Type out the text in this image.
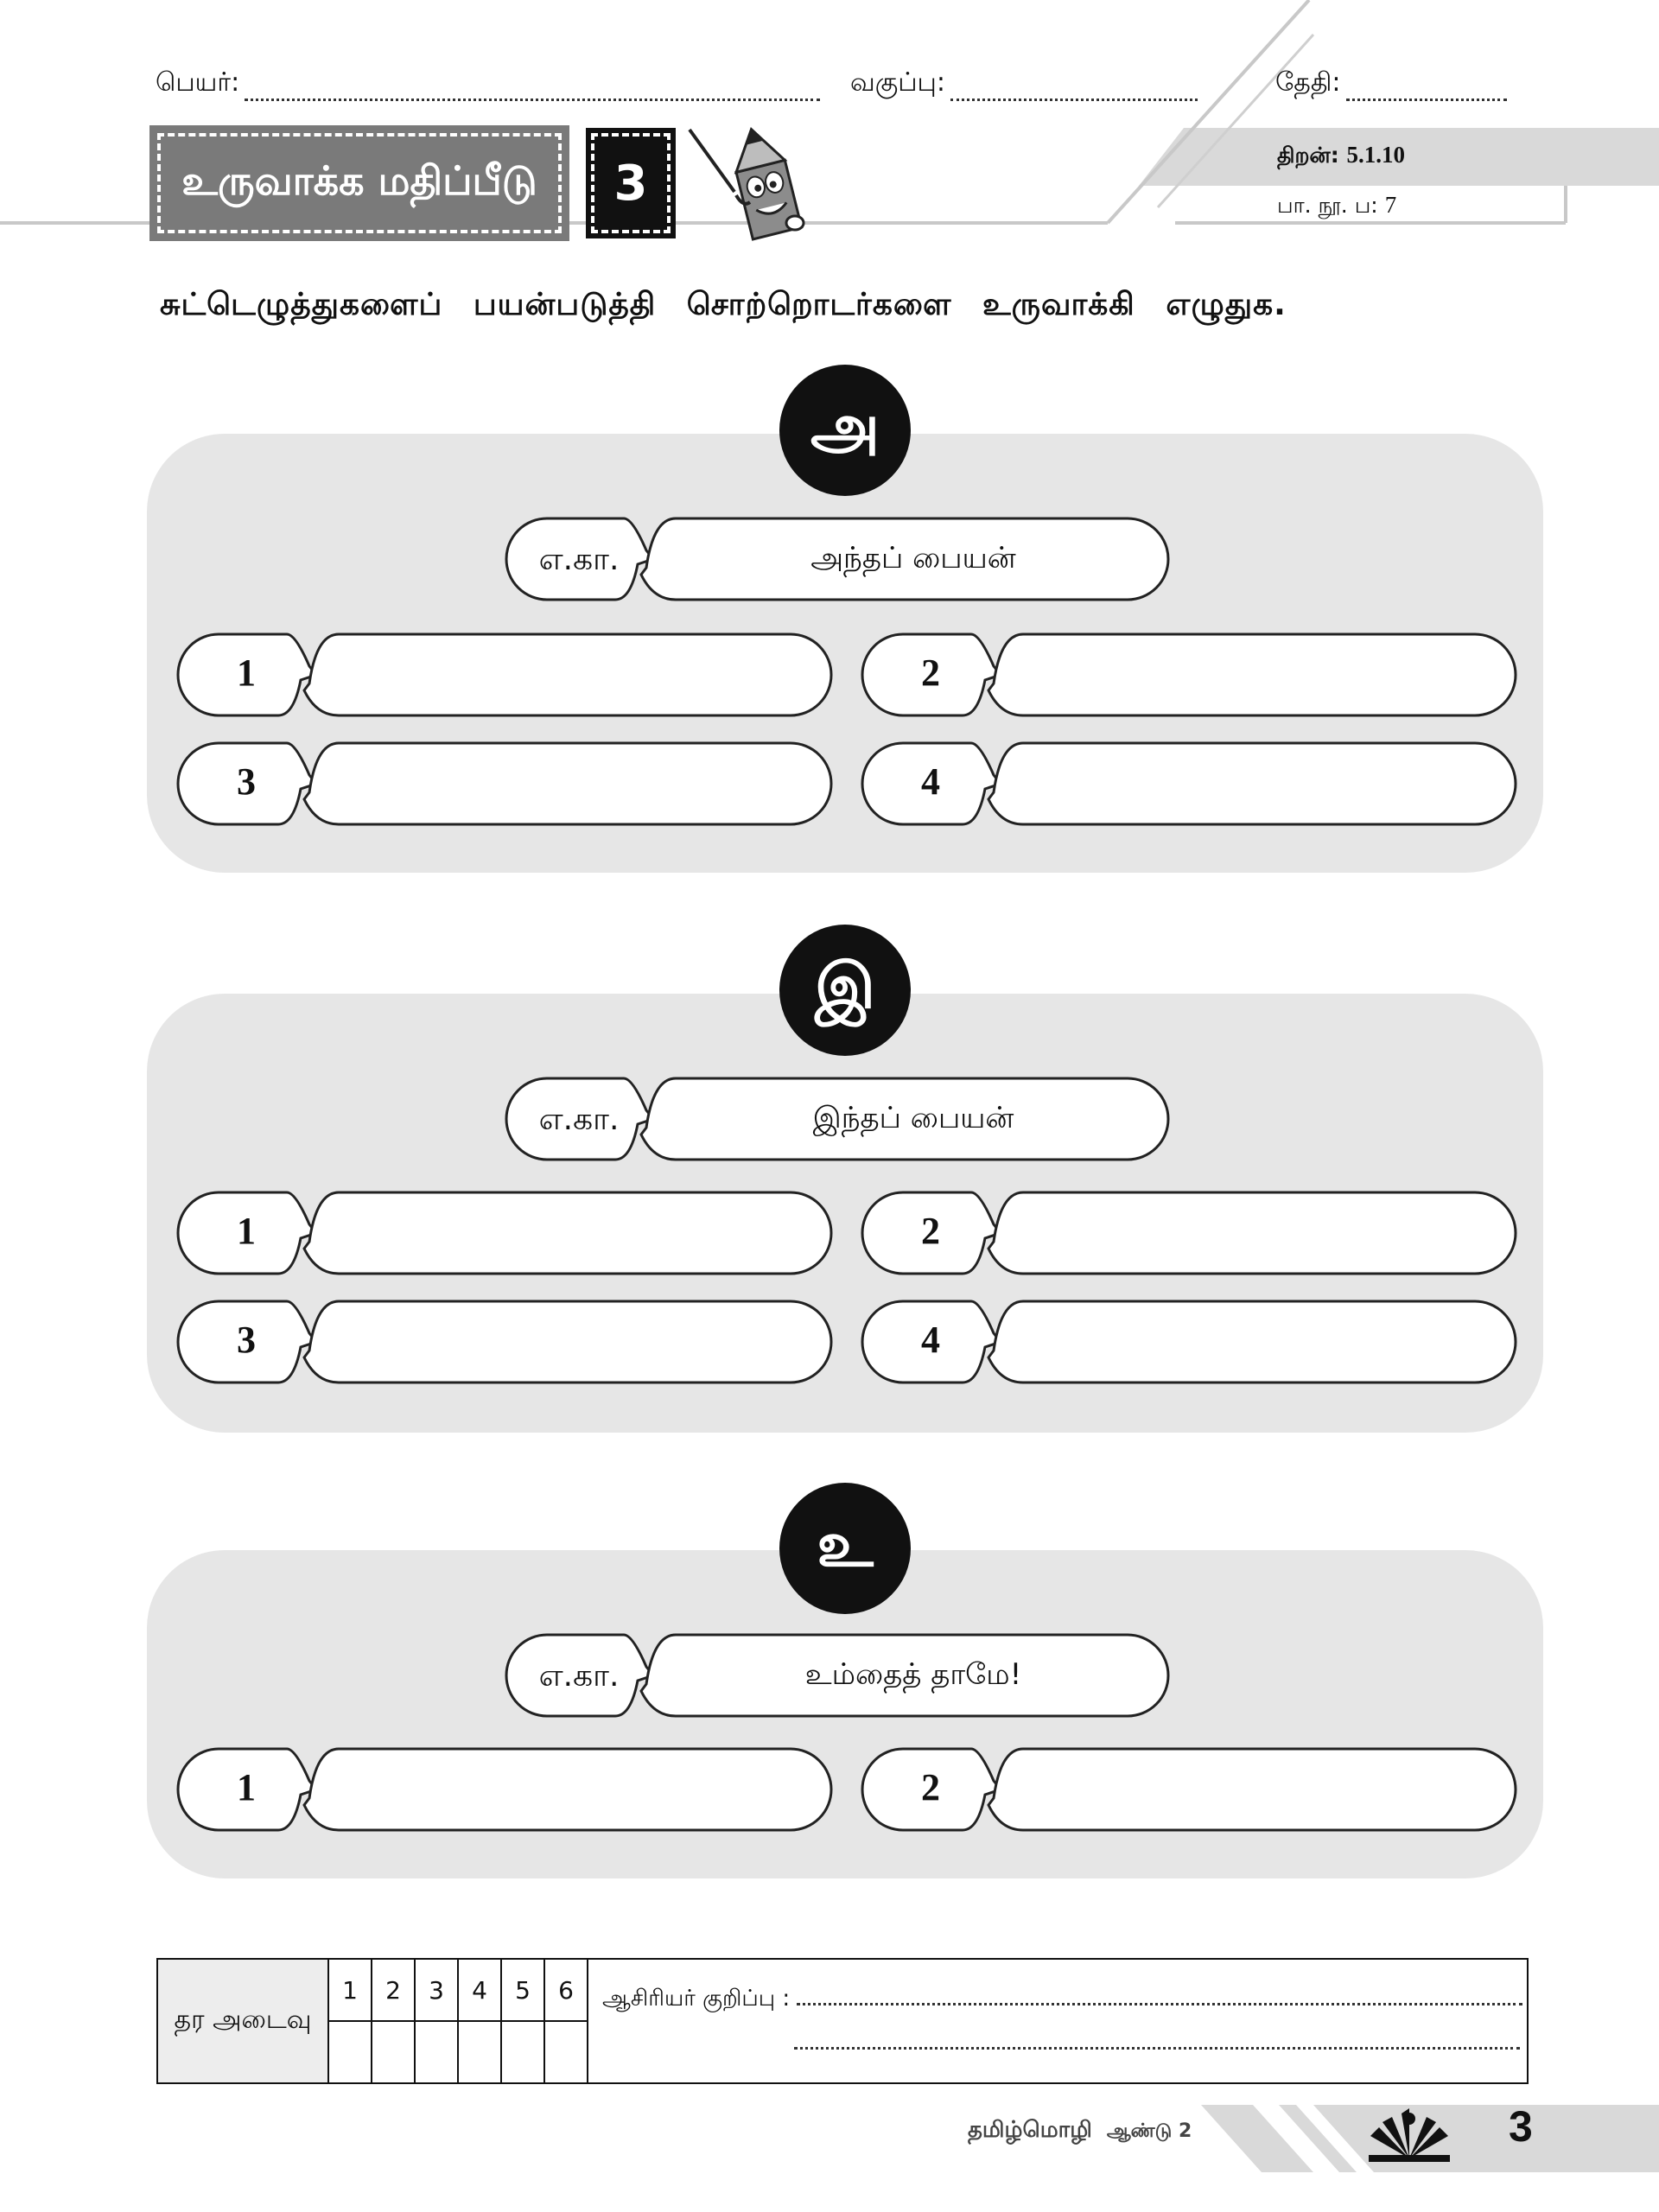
பெயர்:	வகுப்பு:	தேதி:
உருவாக்க மதிப்பீடு 3	திறன்: 5.1.10
பா. நூ. ப: 7
சுட்டெழுத்துகளைப் பயன்படுத்தி சொற்றொடர்களை உருவாக்கி எழுதுக.
அ
எ.கா.	அந்தப் பையன்
1	2
3	4
இ
எ.கா.	இந்தப் பையன்
1	2
3	4
உ
எ.கா.	உம்தைத் தாமே!
1	2
தர அடைவு	1	2	3	4	5	6	ஆசிரியர் குறிப்பு :

தமிழ்மொழி ஆண்டு 2	3
